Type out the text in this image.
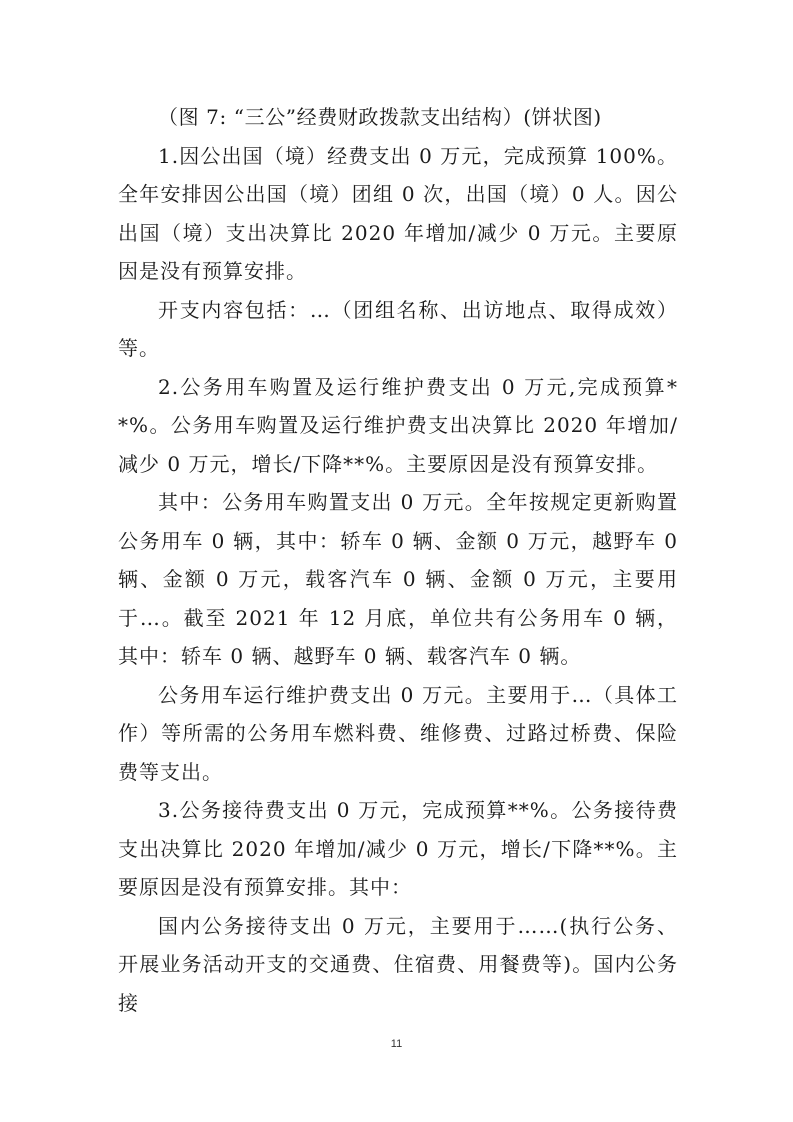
（图 7: “三公”经费财政拨款支出结构）(饼状图)

1.因公出国（境）经费支出 0 万元，完成预算 100%。全年安排因公出国（境）团组 0 次，出国（境）0 人。因公出国（境）支出决算比 2020 年增加/减少 0 万元。主要原因是没有预算安排。

开支内容包括：…（团组名称、出访地点、取得成效）等。

2.公务用车购置及运行维护费支出 0 万元,完成预算**%。公务用车购置及运行维护费支出决算比 2020 年增加/减少 0 万元，增长/下降**%。主要原因是没有预算安排。

其中：公务用车购置支出 0 万元。全年按规定更新购置公务用车 0 辆，其中：轿车 0 辆、金额 0 万元，越野车 0 辆、金额 0 万元，载客汽车 0 辆、金额 0 万元，主要用于…。截至 2021 年 12 月底，单位共有公务用车 0 辆，其中：轿车 0 辆、越野车 0 辆、载客汽车 0 辆。

公务用车运行维护费支出 0 万元。主要用于…（具体工作）等所需的公务用车燃料费、维修费、过路过桥费、保险费等支出。

3.公务接待费支出 0 万元，完成预算**%。公务接待费支出决算比 2020 年增加/减少 0 万元，增长/下降**%。主要原因是没有预算安排。其中：

国内公务接待支出 0 万元，主要用于……(执行公务、开展业务活动开支的交通费、住宿费、用餐费等)。国内公务接

11
